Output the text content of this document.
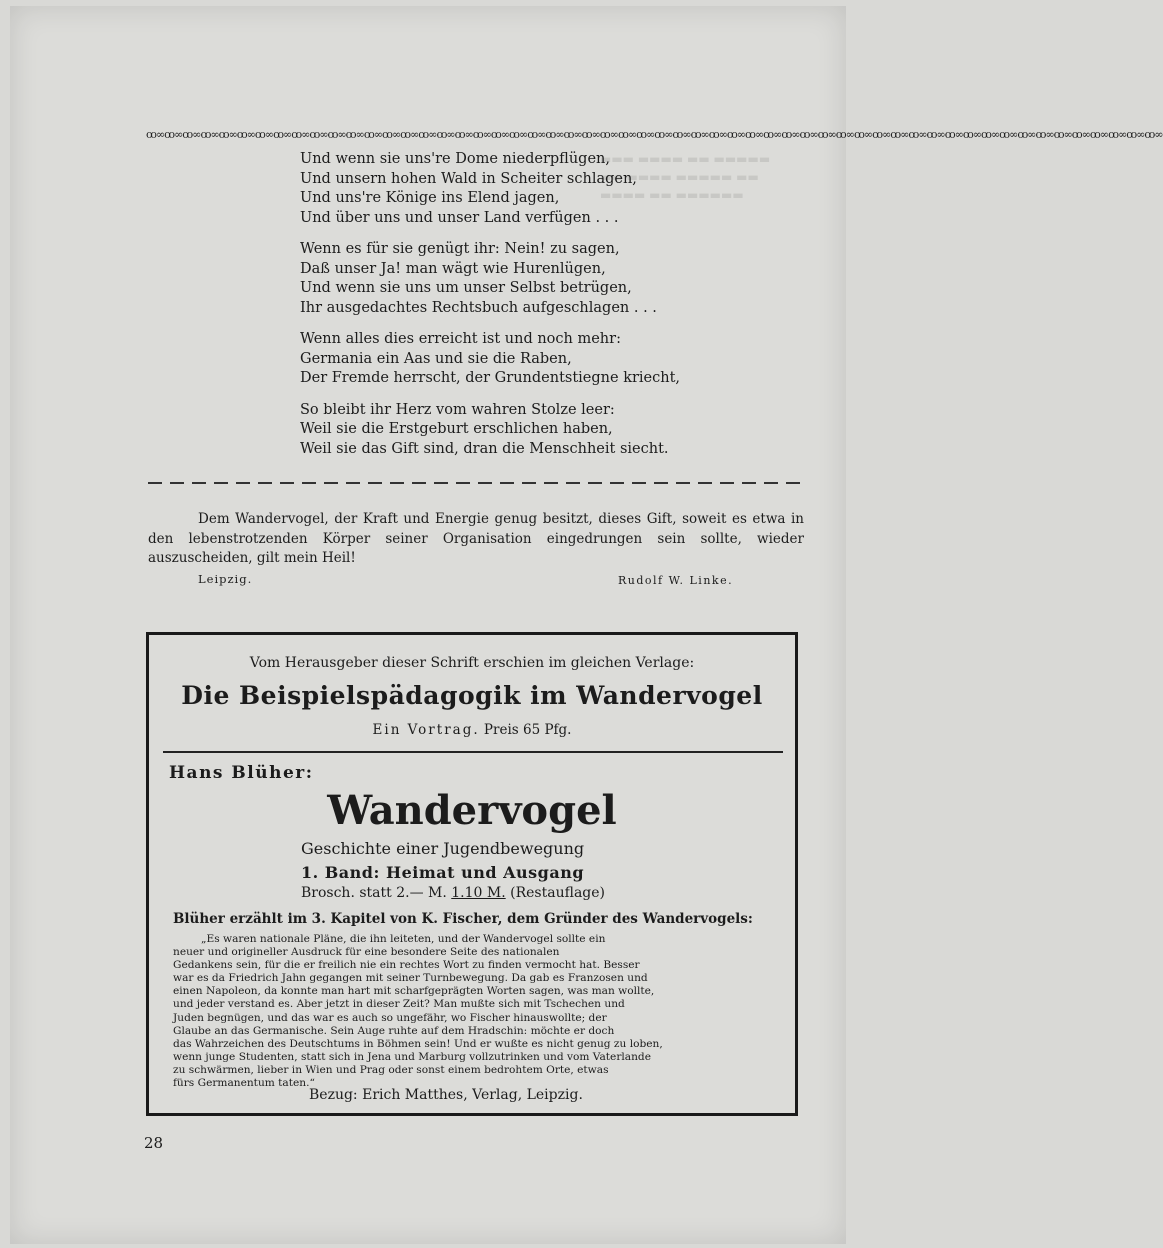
▬▬▬ ▬▬▬▬ ▬▬ ▬▬▬▬▬
▬▬ ▬▬▬▬ ▬▬▬▬▬ ▬▬
▬▬▬▬ ▬▬ ▬▬▬▬▬▬
ꝏ∞ꝏ∞ꝏ∞ꝏ∞ꝏ∞ꝏ∞ꝏ∞ꝏ∞ꝏ∞ꝏ∞ꝏ∞ꝏ∞ꝏ∞ꝏ∞ꝏ∞ꝏ∞ꝏ∞ꝏ∞ꝏ∞ꝏ∞ꝏ∞ꝏ∞ꝏ∞ꝏ∞ꝏ∞ꝏ∞ꝏ∞ꝏ∞ꝏ∞ꝏ∞ꝏ∞ꝏ∞ꝏ∞ꝏ∞ꝏ∞ꝏ∞ꝏ∞ꝏ∞ꝏ∞ꝏ∞ꝏ∞ꝏ∞ꝏ∞ꝏ∞ꝏ∞ꝏ∞ꝏ∞ꝏ∞ꝏ∞ꝏ∞ꝏ∞ꝏ∞ꝏ∞ꝏ∞ꝏ∞ꝏ∞
Und wenn sie uns're Dome niederpflügen,
Und unsern hohen Wald in Scheiter schlagen,
Und uns're Könige ins Elend jagen,
Und über uns und unser Land verfügen . . .
Wenn es für sie genügt ihr: Nein! zu sagen,
Daß unser Ja! man wägt wie Hurenlügen,
Und wenn sie uns um unser Selbst betrügen,
Ihr ausgedachtes Rechtsbuch aufgeschlagen . . .
Wenn alles dies erreicht ist und noch mehr:
Germania ein Aas und sie die Raben,
Der Fremde herrscht, der Grundentstiegne kriecht,
So bleibt ihr Herz vom wahren Stolze leer:
Weil sie die Erstgeburt erschlichen haben,
Weil sie das Gift sind, dran die Menschheit siecht.
Dem Wandervogel, der Kraft und Energie genug besitzt, dieses Gift, soweit es etwa in den lebenstrotzenden Körper seiner Organisation eingedrungen sein sollte, wieder auszuscheiden, gilt mein Heil!
Leipzig.	Rudolf W. Linke.
Vom Herausgeber dieser Schrift erschien im gleichen Verlage:
Die Beispielspädagogik im Wandervogel
Ein Vortrag. Preis 65 Pfg.
Hans Blüher:
Wandervogel
Geschichte einer Jugendbewegung
1. Band: Heimat und Ausgang
Brosch. statt 2.— M. 1.10 M. (Restauflage)
Blüher erzählt im 3. Kapitel von K. Fischer, dem Gründer des Wandervogels:
„Es waren nationale Pläne, die ihn leiteten, und der Wandervogel sollte ein
neuer und origineller Ausdruck für eine besondere Seite des nationalen
Gedankens sein, für die er freilich nie ein rechtes Wort zu finden vermocht hat. Besser
war es da Friedrich Jahn gegangen mit seiner Turnbewegung. Da gab es Franzosen und
einen Napoleon, da konnte man hart mit scharfgeprägten Worten sagen, was man wollte,
und jeder verstand es. Aber jetzt in dieser Zeit? Man mußte sich mit Tschechen und
Juden begnügen, und das war es auch so ungefähr, wo Fischer hinauswollte; der
Glaube an das Germanische. Sein Auge ruhte auf dem Hradschin: möchte er doch
das Wahrzeichen des Deutschtums in Böhmen sein! Und er wußte es nicht genug zu loben,
wenn junge Studenten, statt sich in Jena und Marburg vollzutrinken und vom Vaterlande
zu schwärmen, lieber in Wien und Prag oder sonst einem bedrohtem Orte, etwas
fürs Germanentum taten.“
Bezug: Erich Matthes, Verlag, Leipzig.
28
